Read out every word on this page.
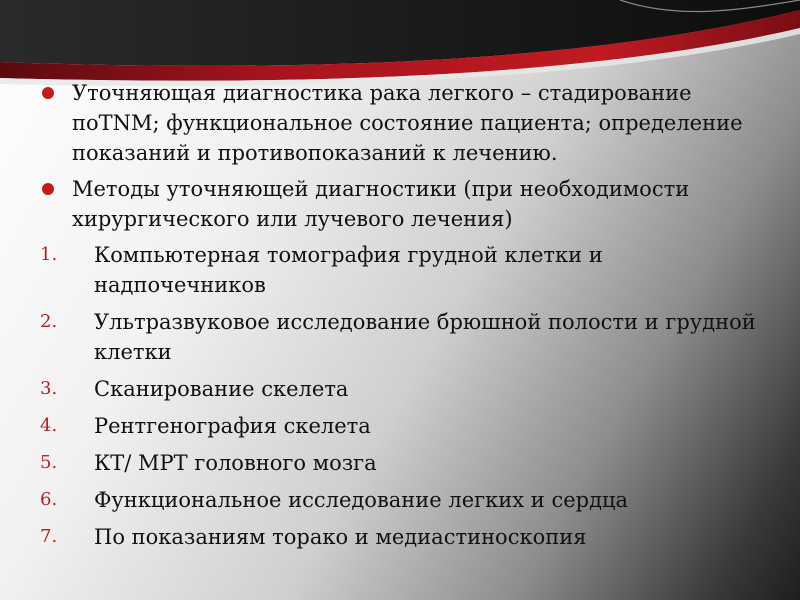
Уточняющая диагностика рака легкого – стадирование поTNM; функциональное состояние пациента; определение показаний и противопоказаний к лечению.
Методы уточняющей диагностики (при необходимости хирургического или лучевого лечения)
1. Компьютерная томография грудной клетки и надпочечников
2. Ультразвуковое исследование брюшной полости и грудной клетки
3. Сканирование скелета
4. Рентгенография скелета
5. КТ/ МРТ головного мозга
6. Функциональное исследование легких и сердца
7. По показаниям торако и медиастиноскопия
